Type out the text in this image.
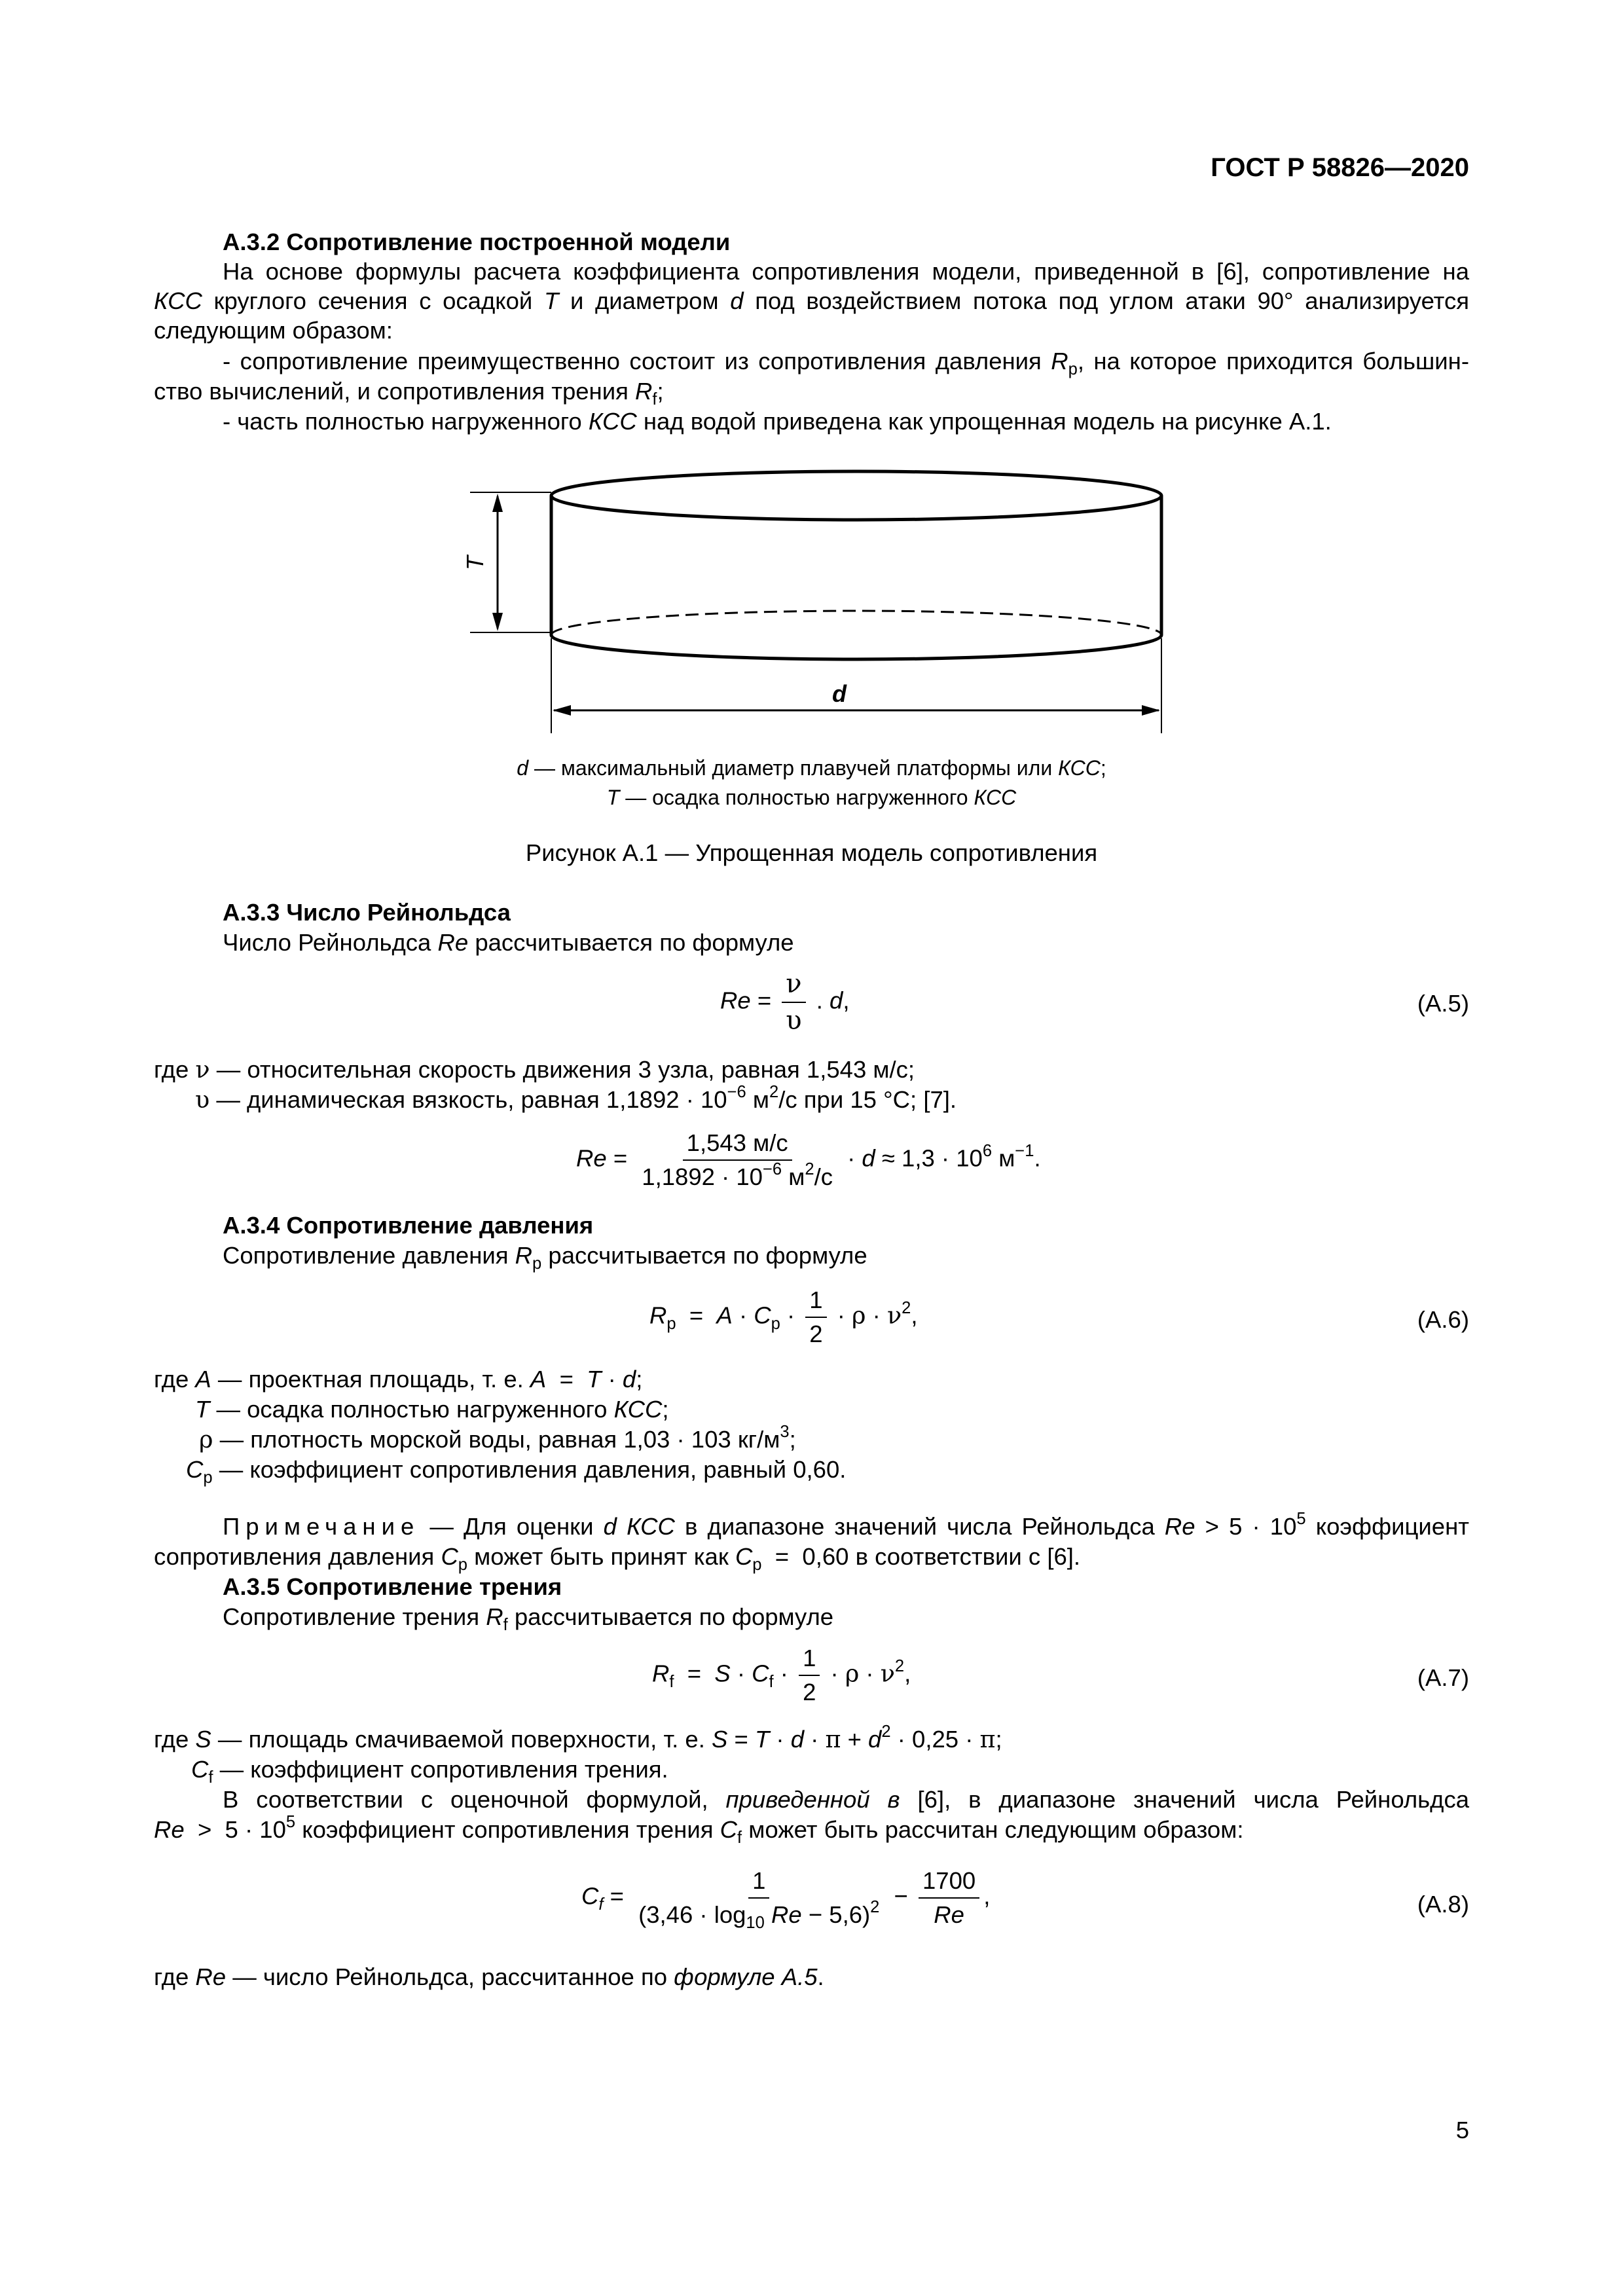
ГОСТ Р 58826—2020
А.3.2 Сопротивление построенной модели
На основе формулы расчета коэффициента сопротивления модели, приведенной в [6], сопротивление на
КСС круглого сечения с осадкой T и диаметром d под воздействием потока под углом атаки 90° анализируется
следующим образом:
- сопротивление преимущественно состоит из сопротивления давления $R_p$, на которое приходится большин-
ство вычислений, и сопротивления трения $R_f$;
- часть полностью нагруженного КСС над водой приведена как упрощенная модель на рисунке А.1.
T
d
d — максимальный диаметр плавучей платформы или КСС;
T — осадка полностью нагруженного КСС
Рисунок А.1 — Упрощенная модель сопротивления
А.3.3 Число Рейнольдса
Число Рейнольдса Re рассчитывается по формуле
$Re = \frac{\nu}{\upsilon}$ . d,	(А.5)
где ν — относительная скорость движения 3 узла, равная 1,543 м/с;
υ — динамическая вязкость, равная $1,1892 \cdot 10^{-6}$ $м^2/с$ при 15 °С; [7].
$Re = \frac{1,543 м/с}{1,1892 \cdot 10^{-6} м^2/с} \cdot d \approx 1,3 \cdot 10^6$ $м^{-1}$.
А.3.4 Сопротивление давления
Сопротивление давления $R_p$ рассчитывается по формуле
$R_p = A \cdot C_p \cdot \frac{1}{2} \cdot \rho \cdot \nu^2$,	(А.6)
где A — проектная площадь, т. е. A  =  T · d;
T — осадка полностью нагруженного КСС;
ρ — плотность морской воды, равная 1,03 · 103 $кг/м^3$;
$C_p$ — коэффициент сопротивления давления, равный 0,60.
Примечание — Для оценки d КСС в диапазоне значений числа Рейнольдса $Re > 5 \cdot 10^5$ коэффициент
сопротивления давления $C_p$ может быть принят как $C_p = 0,60$ в соответствии с [6].
А.3.5 Сопротивление трения
Сопротивление трения $R_f$ рассчитывается по формуле
$R_f = S \cdot C_f \cdot \frac{1}{2} \cdot \rho \cdot \nu^2$,	(А.7)
где S — площадь смачиваемой поверхности, т. е. $S = T \cdot d \cdot \pi + d^2 \cdot 0,25 \cdot \pi$;
$C_f$ — коэффициент сопротивления трения.
В соответствии с оценочной формулой, приведенной в [6], в диапазоне значений числа Рейнольдса
$Re > 5 \cdot 10^5$ коэффициент сопротивления трения $C_f$ может быть рассчитан следующим образом:
$C_f = \frac{1}{(3,46 \cdot \log_{10} Re - 5,6)^2} - \frac{1700}{Re}$ ,	(А.8)
где Re — число Рейнольдса, рассчитанное по формуле А.5.
5
